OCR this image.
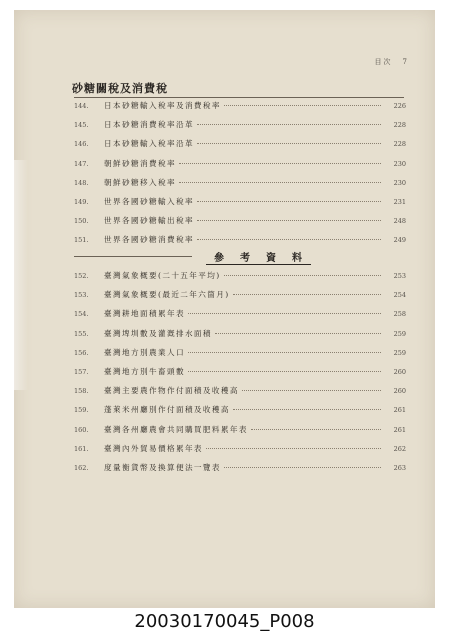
目次 7
砂糖關稅及消費稅
144.	日本砂糖輸入稅率及消費稅率	226
145.	日本砂糖消費稅率沿革	228
146.	日本砂糖輸入稅率沿革	228
147.	朝鮮砂糖消費稅率	230
148.	朝鮮砂糖移入稅率	230
149.	世界各國砂糖輸入稅率	231
150.	世界各國砂糖輸出稅率	248
151.	世界各國砂糖消費稅率	249
參考資料
152.	臺灣氣象概要(二十五年平均)	253
153.	臺灣氣象概要(最近二年六箇月)	254
154.	臺灣耕地面積累年表	258
155.	臺灣埤圳數及灌漑排水面積	259
156.	臺灣地方別農業人口	259
157.	臺灣地方別牛畜頭數	260
158.	臺灣主要農作物作付面積及收穫高	260
159.	蓬萊米州廳別作付面積及收穫高	261
160.	臺灣各州廳農會共同購買肥料累年表	261
161.	臺灣內外貿易價格累年表	262
162.	度量衡貨幣及換算便法一覽表	263
20030170045_P008
